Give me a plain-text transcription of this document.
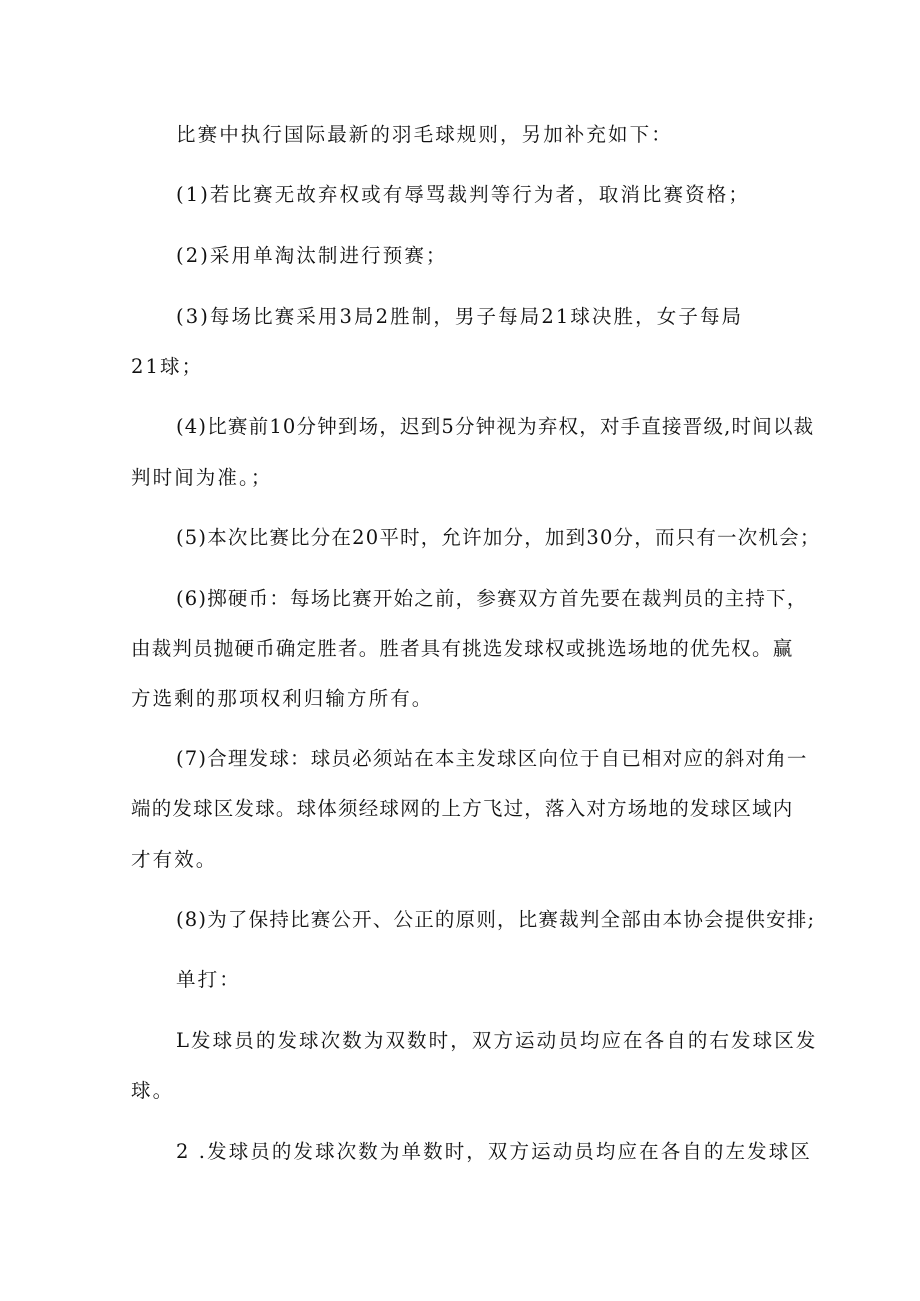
比赛中执行国际最新的羽毛球规则，另加补充如下：
(1)若比赛无故弃权或有辱骂裁判等行为者，取消比赛资格；
(2)采用单淘汰制进行预赛；
(3)每场比赛采用3局2胜制，男子每局21球决胜，女子每局
21球；
(4)比赛前10分钟到场，迟到5分钟视为弃权，对手直接晋级,时间以裁
判时间为准。；
(5)本次比赛比分在20平时，允许加分，加到30分，而只有一次机会；
(6)掷硬币：每场比赛开始之前，参赛双方首先要在裁判员的主持下，
由裁判员抛硬币确定胜者。胜者具有挑选发球权或挑选场地的优先权。赢
方选剩的那项权利归输方所有。
(7)合理发球：球员必须站在本主发球区向位于自已相对应的斜对角一
端的发球区发球。球体须经球网的上方飞过，落入对方场地的发球区域内
才有效。
(8)为了保持比赛公开、公正的原则，比赛裁判全部由本协会提供安排;
单打：
L发球员的发球次数为双数时，双方运动员均应在各自的右发球区发
球。
2 .发球员的发球次数为单数时，双方运动员均应在各自的左发球区
